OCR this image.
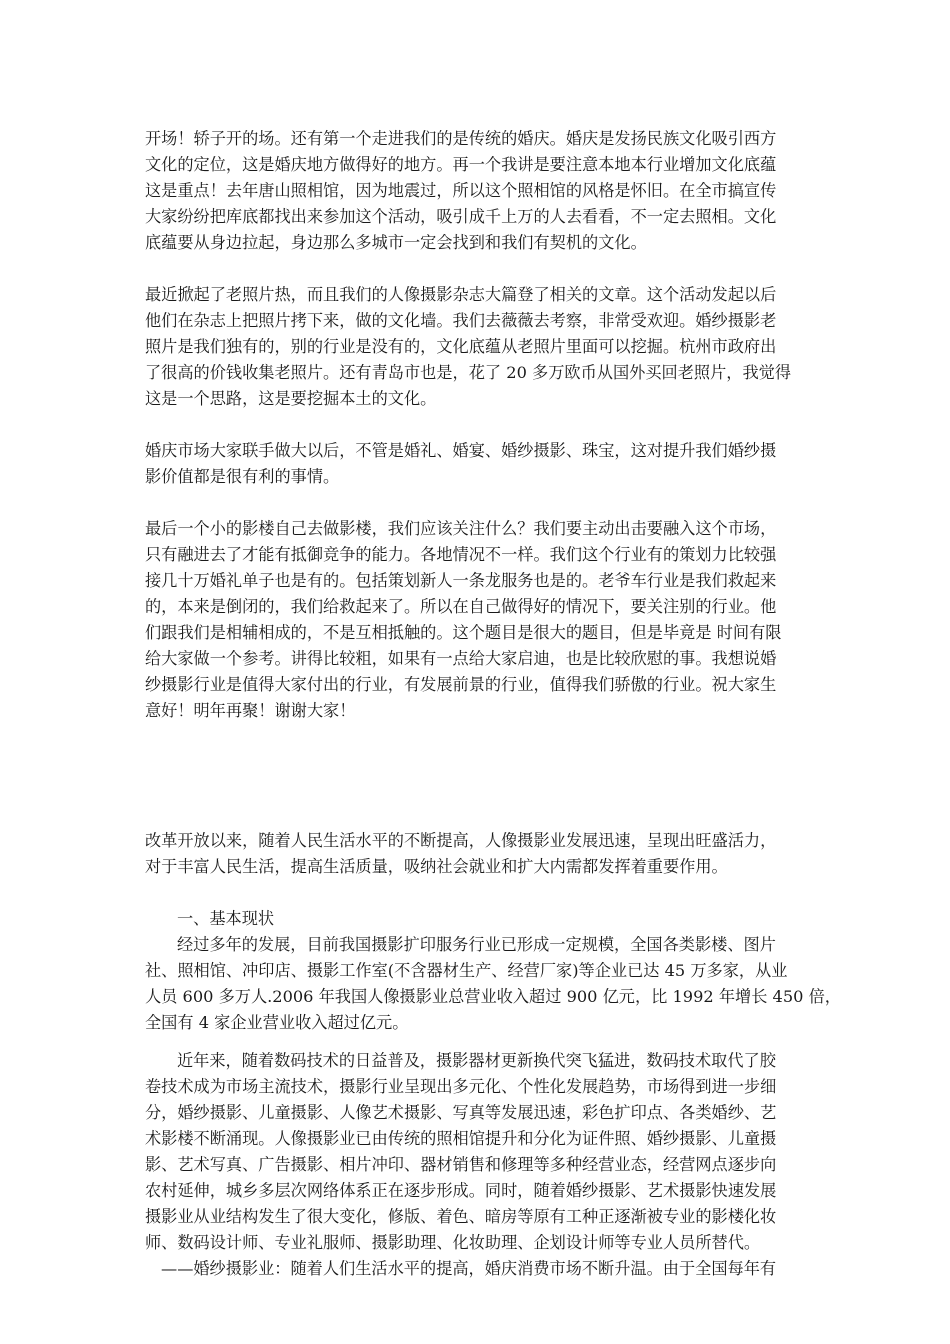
开场！轿子开的场。还有第一个走进我们的是传统的婚庆。婚庆是发扬民族文化吸引西方
文化的定位，这是婚庆地方做得好的地方。再一个我讲是要注意本地本行业增加文化底蕴
这是重点！去年唐山照相馆，因为地震过，所以这个照相馆的风格是怀旧。在全市搞宣传
大家纷纷把库底都找出来参加这个活动，吸引成千上万的人去看看，不一定去照相。文化
底蕴要从身边拉起，身边那么多城市一定会找到和我们有契机的文化。
最近掀起了老照片热，而且我们的人像摄影杂志大篇登了相关的文章。这个活动发起以后
他们在杂志上把照片拷下来，做的文化墙。我们去薇薇去考察，非常受欢迎。婚纱摄影老
照片是我们独有的，别的行业是没有的，文化底蕴从老照片里面可以挖掘。杭州市政府出
了很高的价钱收集老照片。还有青岛市也是，花了 20 多万欧币从国外买回老照片，我觉得
这是一个思路，这是要挖掘本土的文化。
婚庆市场大家联手做大以后，不管是婚礼、婚宴、婚纱摄影、珠宝，这对提升我们婚纱摄
影价值都是很有利的事情。
最后一个小的影楼自己去做影楼，我们应该关注什么？我们要主动出击要融入这个市场，
只有融进去了才能有抵御竞争的能力。各地情况不一样。我们这个行业有的策划力比较强
接几十万婚礼单子也是有的。包括策划新人一条龙服务也是的。老爷车行业是我们救起来
的，本来是倒闭的，我们给救起来了。所以在自己做得好的情况下，要关注别的行业。他
们跟我们是相辅相成的，不是互相抵触的。这个题目是很大的题目，但是毕竟是 时间有限
给大家做一个参考。讲得比较粗，如果有一点给大家启迪，也是比较欣慰的事。我想说婚
纱摄影行业是值得大家付出的行业，有发展前景的行业，值得我们骄傲的行业。祝大家生
意好！明年再聚！谢谢大家！
改革开放以来，随着人民生活水平的不断提高，人像摄影业发展迅速，呈现出旺盛活力，
对于丰富人民生活，提高生活质量，吸纳社会就业和扩大内需都发挥着重要作用。
一、基本现状
经过多年的发展，目前我国摄影扩印服务行业已形成一定规模，全国各类影楼、图片
社、照相馆、冲印店、摄影工作室(不含器材生产、经营厂家)等企业已达 45 万多家，从业
人员 600 多万人.2006 年我国人像摄影业总营业收入超过 900 亿元，比 1992 年增长 450 倍，
全国有 4 家企业营业收入超过亿元。
近年来，随着数码技术的日益普及，摄影器材更新换代突飞猛进，数码技术取代了胶
卷技术成为市场主流技术，摄影行业呈现出多元化、个性化发展趋势，市场得到进一步细
分，婚纱摄影、儿童摄影、人像艺术摄影、写真等发展迅速，彩色扩印点、各类婚纱、艺
术影楼不断涌现。人像摄影业已由传统的照相馆提升和分化为证件照、婚纱摄影、儿童摄
影、艺术写真、广告摄影、相片冲印、器材销售和修理等多种经营业态，经营网点逐步向
农村延伸，城乡多层次网络体系正在逐步形成。同时，随着婚纱摄影、艺术摄影快速发展
摄影业从业结构发生了很大变化，修版、着色、暗房等原有工种正逐渐被专业的影楼化妆
师、数码设计师、专业礼服师、摄影助理、化妆助理、企划设计师等专业人员所替代。
——婚纱摄影业：随着人们生活水平的提高，婚庆消费市场不断升温。由于全国每年有
